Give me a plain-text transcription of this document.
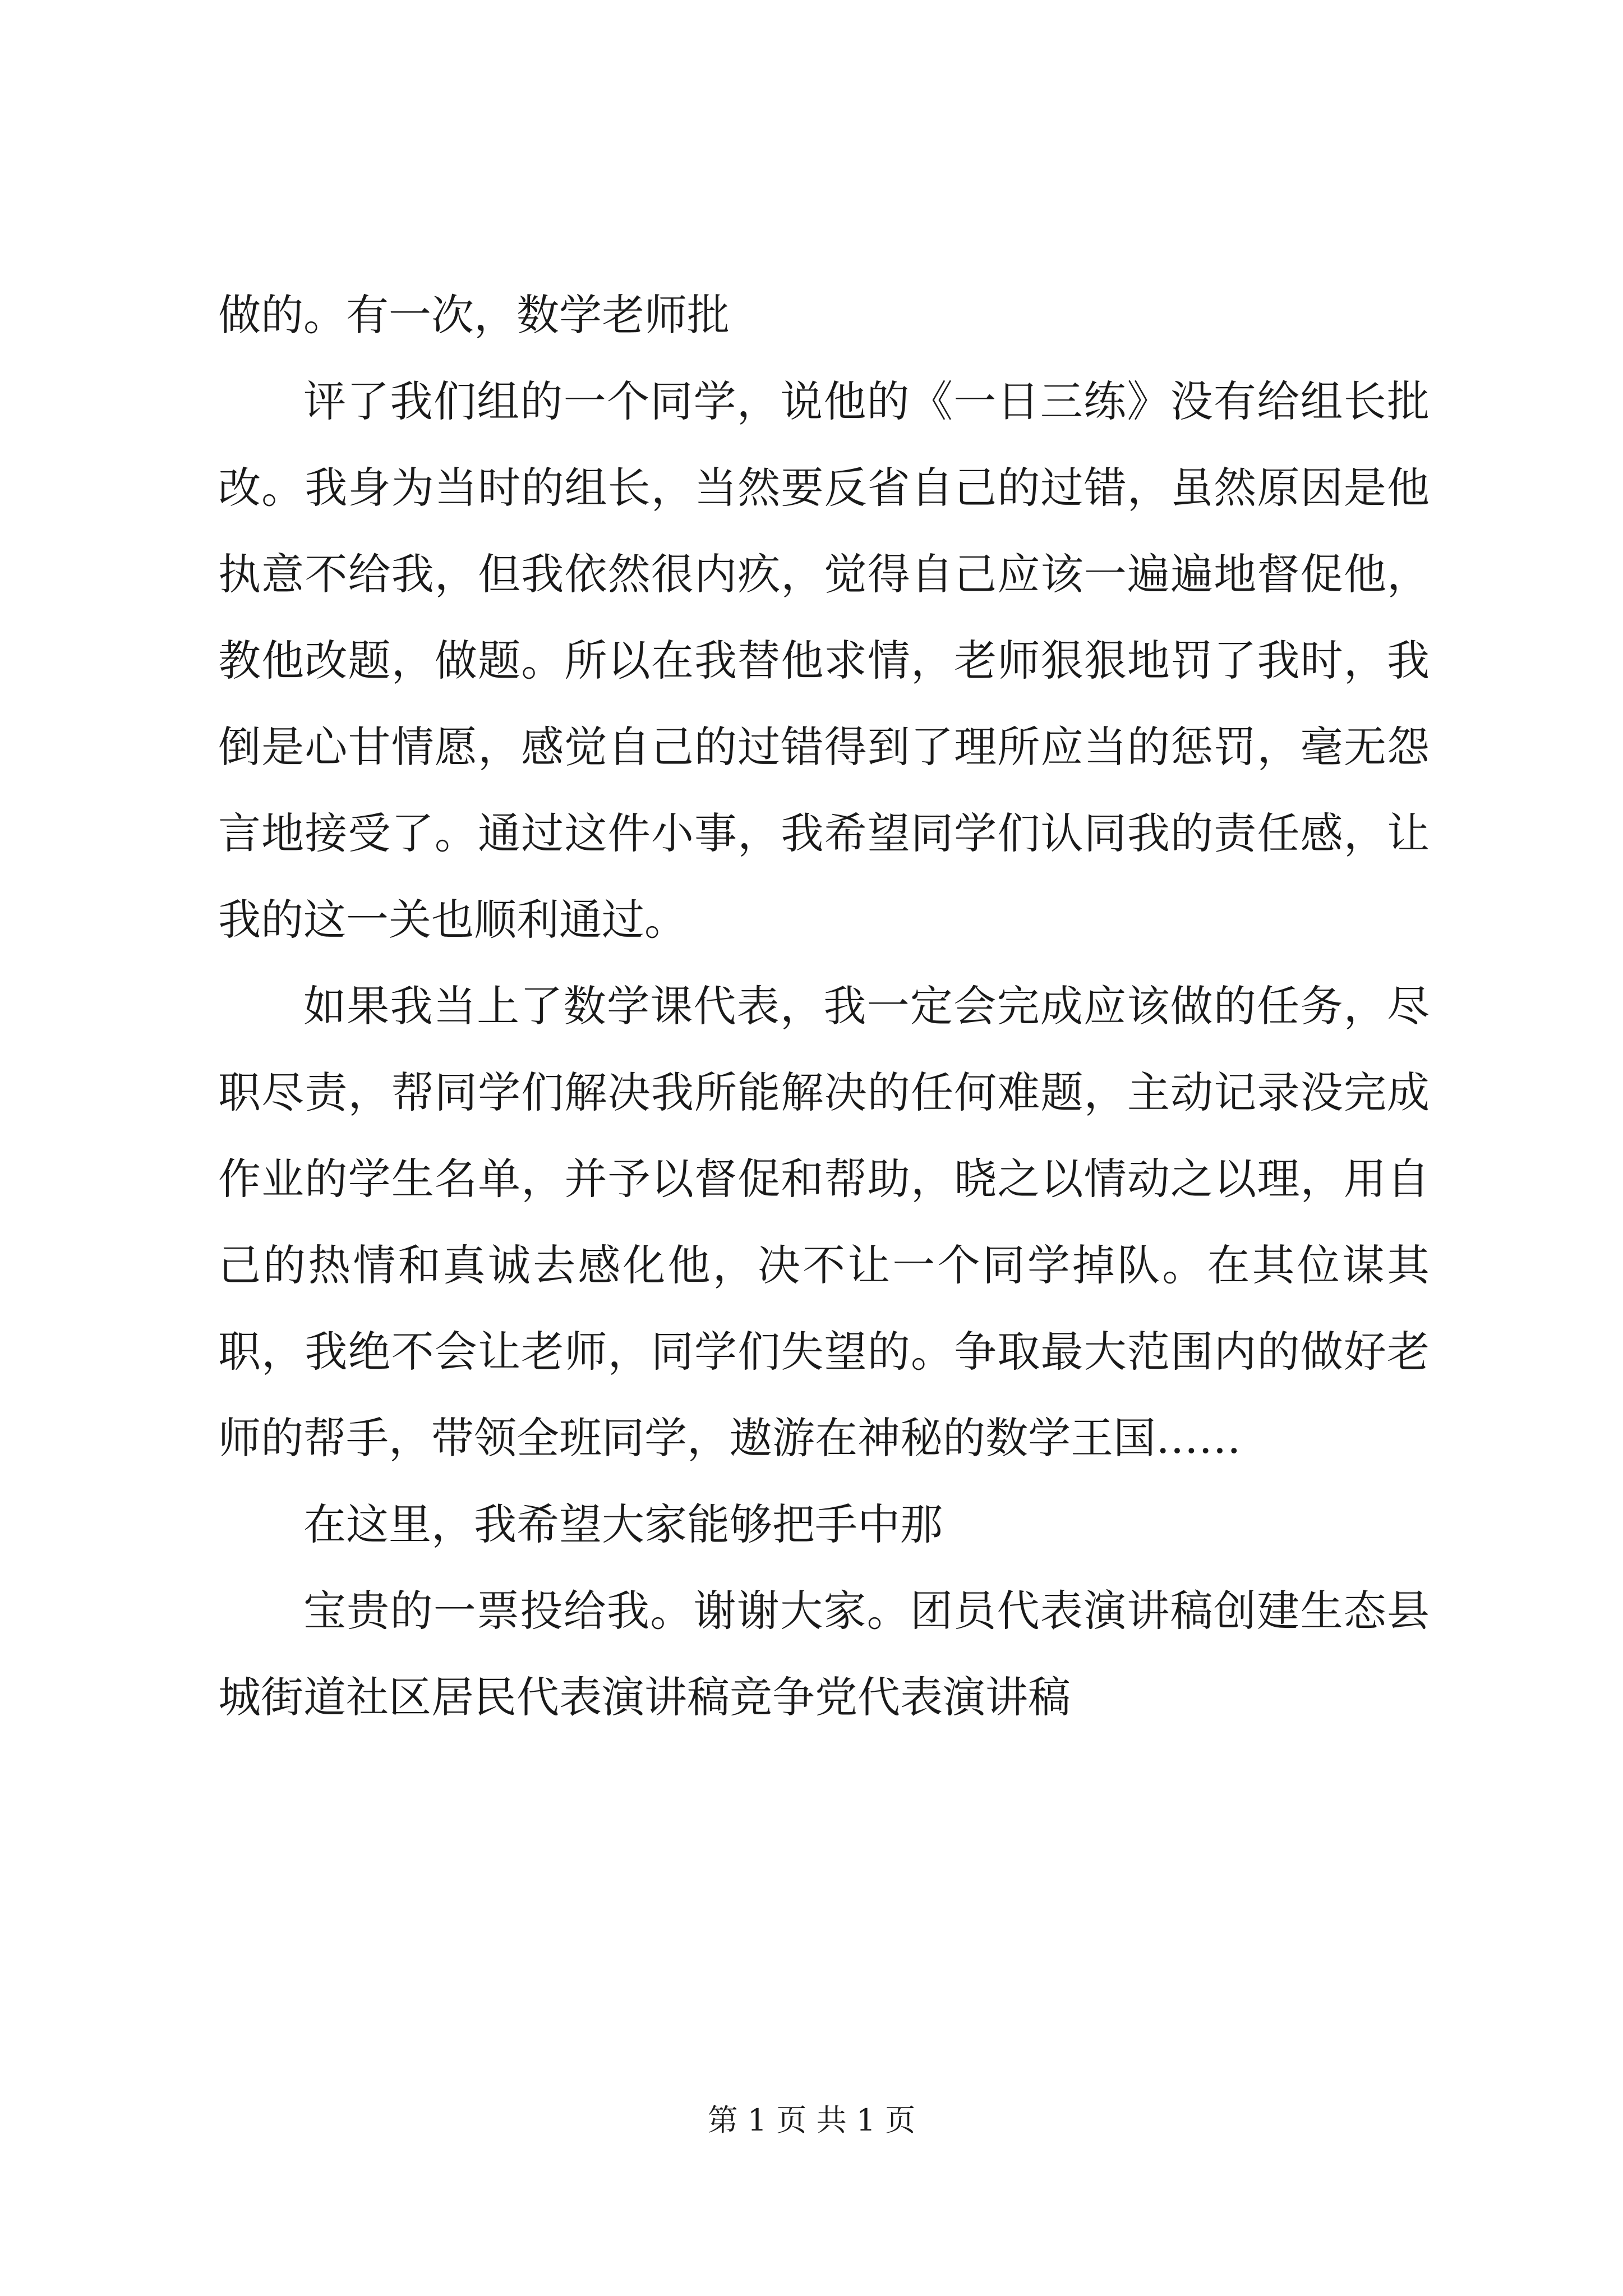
做的。有一次，数学老师批

评了我们组的一个同学，说他的《一日三练》没有给组长批改。我身为当时的组长，当然要反省自己的过错，虽然原因是他执意不给我，但我依然很内疚，觉得自己应该一遍遍地督促他，教他改题，做题。所以在我替他求情，老师狠狠地罚了我时，我倒是心甘情愿，感觉自己的过错得到了理所应当的惩罚，毫无怨言地接受了。通过这件小事，我希望同学们认同我的责任感，让我的这一关也顺利通过。

如果我当上了数学课代表，我一定会完成应该做的任务，尽职尽责，帮同学们解决我所能解决的任何难题，主动记录没完成作业的学生名单，并予以督促和帮助，晓之以情动之以理，用自己的热情和真诚去感化他，决不让一个同学掉队。在其位谋其职，我绝不会让老师，同学们失望的。争取最大范围内的做好老师的帮手，带领全班同学，遨游在神秘的数学王国……

在这里，我希望大家能够把手中那

宝贵的一票投给我。谢谢大家。团员代表演讲稿创建生态县城街道社区居民代表演讲稿竞争党代表演讲稿

第 1 页 共 1 页
